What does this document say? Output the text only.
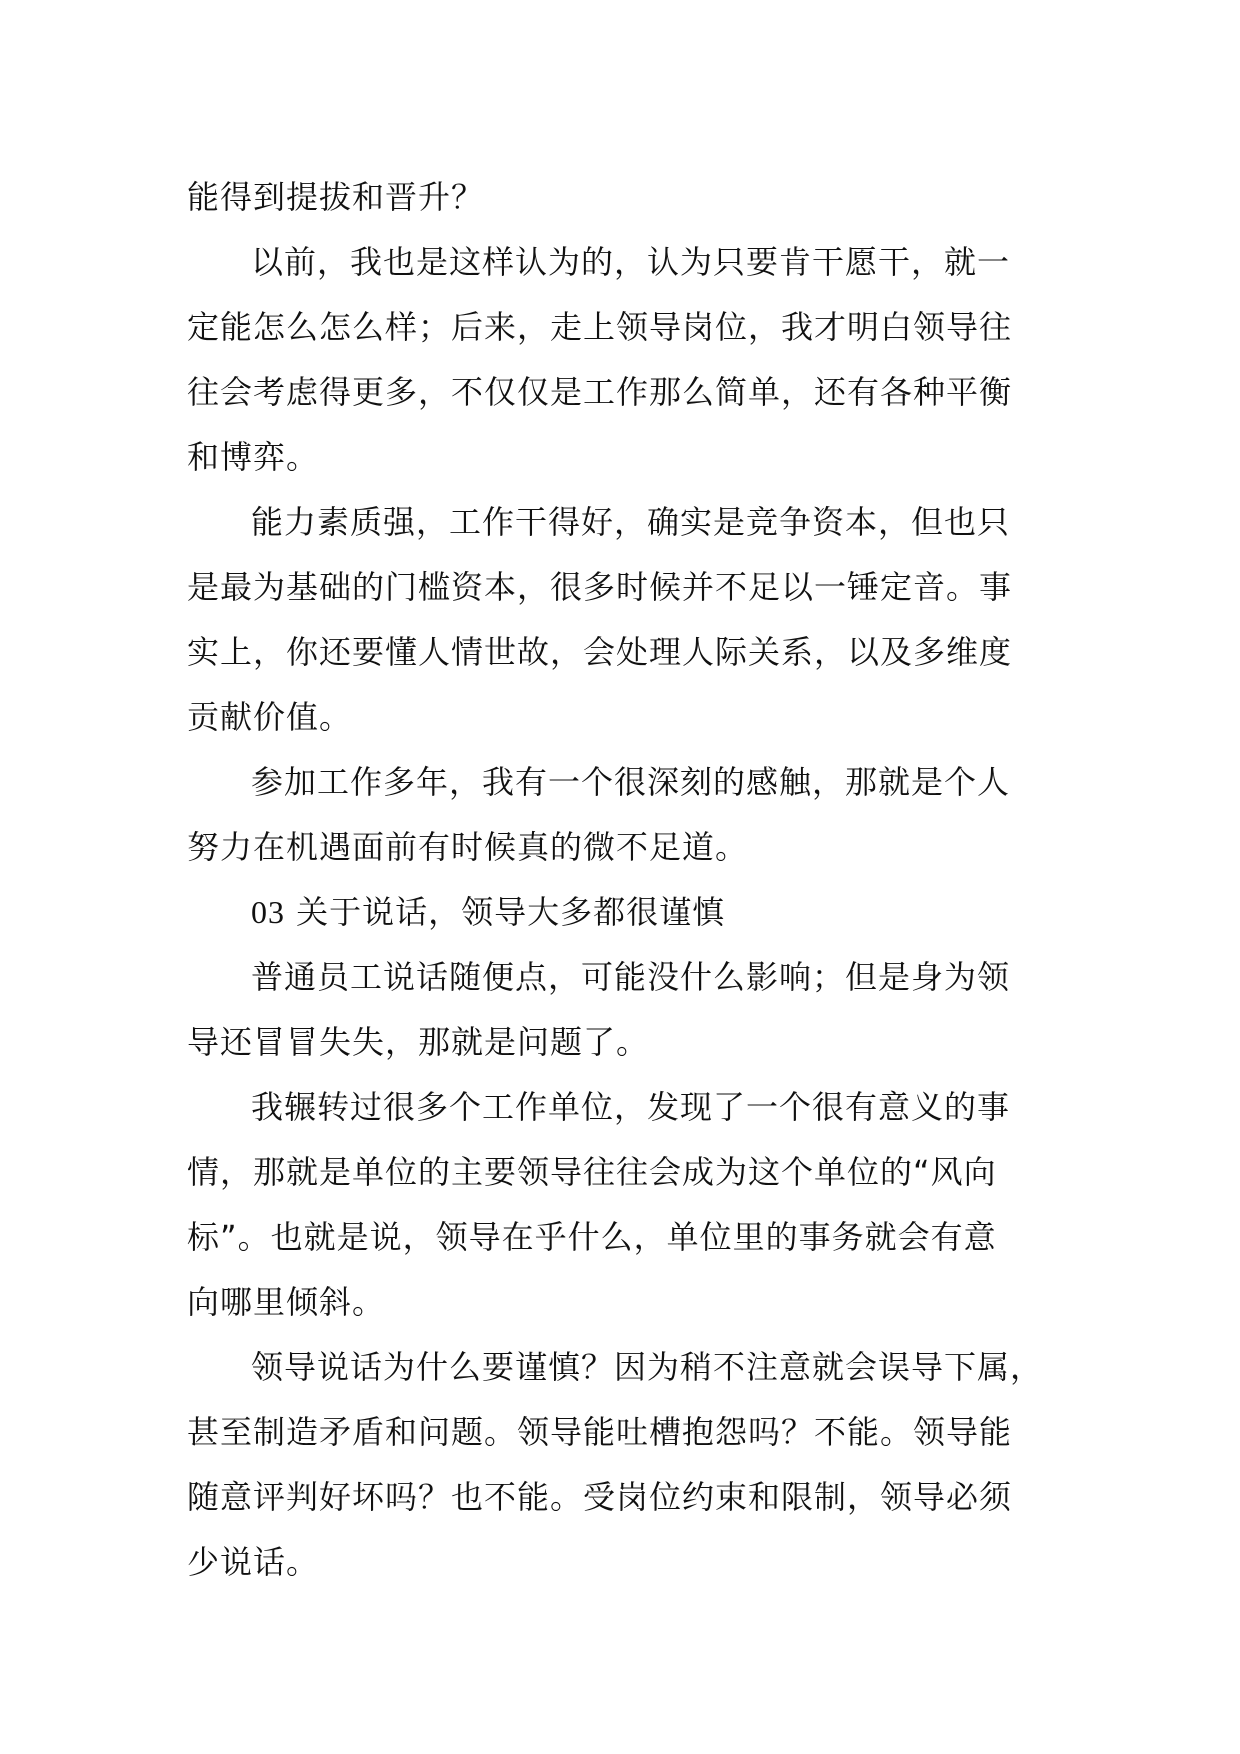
能得到提拔和晋升？

以前，我也是这样认为的，认为只要肯干愿干，就一
定能怎么怎么样；后来，走上领导岗位，我才明白领导往
往会考虑得更多，不仅仅是工作那么简单，还有各种平衡
和博弈。

能力素质强，工作干得好，确实是竞争资本，但也只
是最为基础的门槛资本，很多时候并不足以一锤定音。事
实上，你还要懂人情世故，会处理人际关系，以及多维度
贡献价值。

参加工作多年，我有一个很深刻的感触，那就是个人
努力在机遇面前有时候真的微不足道。

03 关于说话，领导大多都很谨慎

普通员工说话随便点，可能没什么影响；但是身为领
导还冒冒失失，那就是问题了。

我辗转过很多个工作单位，发现了一个很有意义的事
情，那就是单位的主要领导往往会成为这个单位的“风向
标”。也就是说，领导在乎什么，单位里的事务就会有意
向哪里倾斜。

领导说话为什么要谨慎？因为稍不注意就会误导下属，
甚至制造矛盾和问题。领导能吐槽抱怨吗？不能。领导能
随意评判好坏吗？也不能。受岗位约束和限制，领导必须
少说话。
